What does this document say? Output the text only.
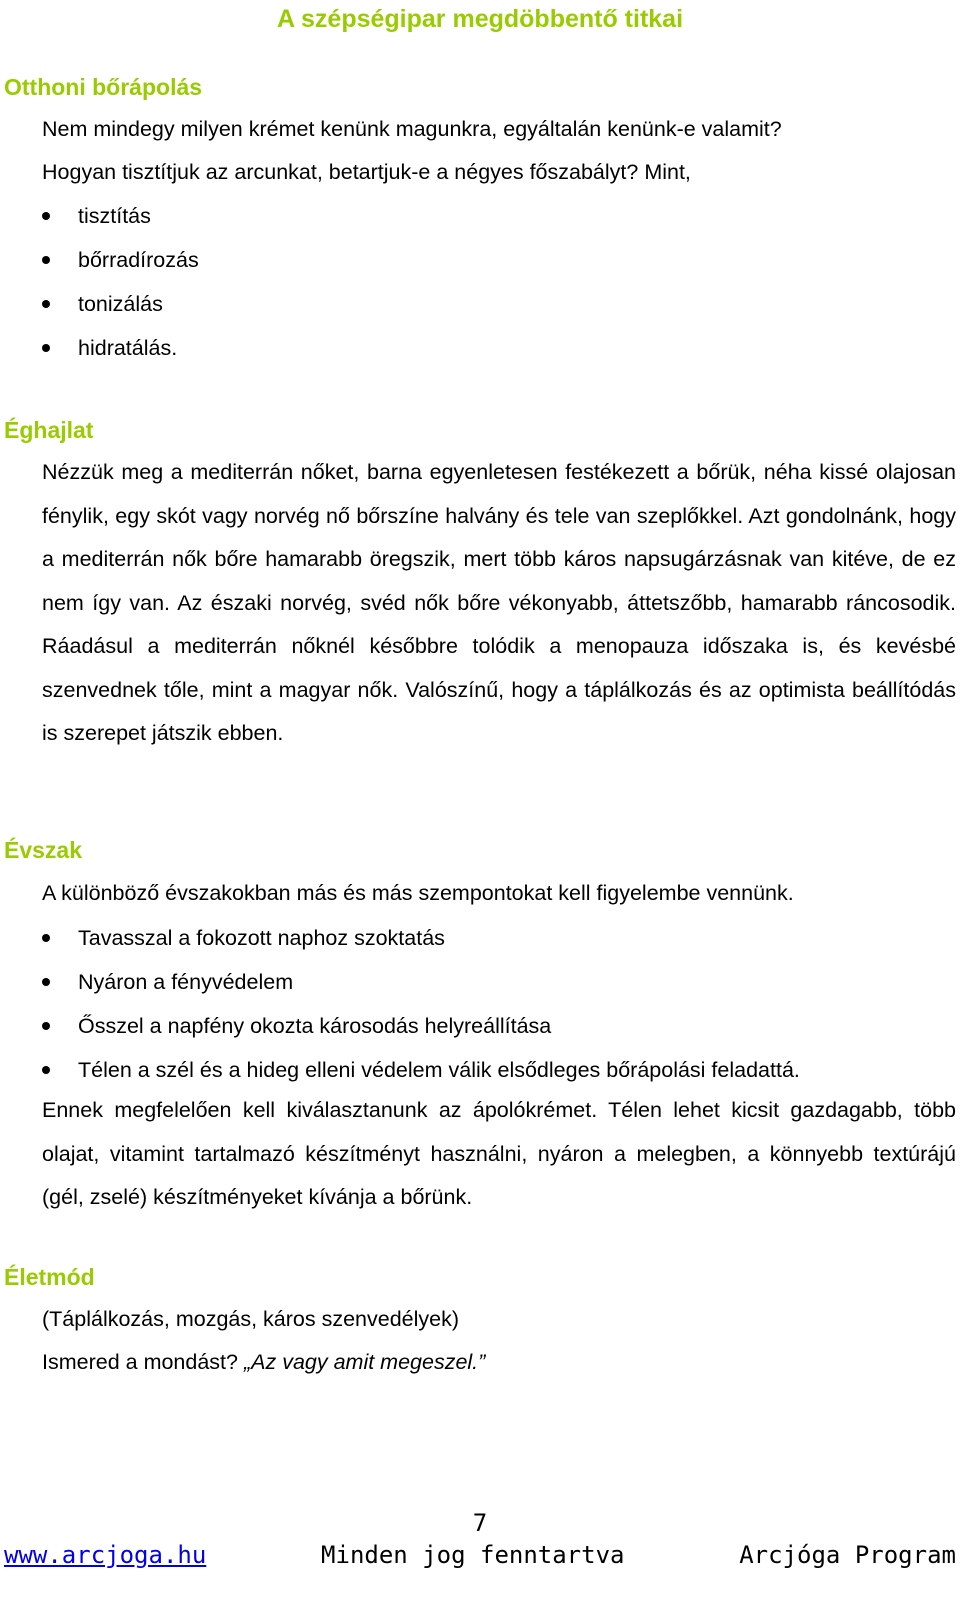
A szépségipar megdöbbentő titkai
Otthoni bőrápolás

Nem mindegy milyen krémet kenünk magunkra, egyáltalán kenünk-e valamit?

Hogyan tisztítjuk az arcunkat, betartjuk-e a négyes főszabályt? Mint,

tisztítás
bőrradírozás
tonizálás
hidratálás.
Éghajlat

Nézzük meg a mediterrán nőket, barna egyenletesen festékezett a bőrük, néha kissé olajosan fénylik, egy skót vagy norvég nő bőrszíne halvány és tele van szeplőkkel. Azt gondolnánk, hogy a mediterrán nők bőre hamarabb öregszik, mert több káros napsugárzásnak van kitéve, de ez nem így van. Az északi norvég, svéd nők bőre vékonyabb, áttetszőbb, hamarabb ráncosodik. Ráadásul a mediterrán nőknél későbbre tolódik a menopauza időszaka is, és kevésbé szenvednek tőle, mint a magyar nők. Valószínű, hogy a táplálkozás és az optimista beállítódás is szerepet játszik ebben.

Évszak

A különböző évszakokban más és más szempontokat kell figyelembe vennünk.

Tavasszal a fokozott naphoz szoktatás
Nyáron a fényvédelem
Ősszel a napfény okozta károsodás helyreállítása
Télen a szél és a hideg elleni védelem válik elsődleges bőrápolási feladattá.

Ennek megfelelően kell kiválasztanunk az ápolókrémet. Télen lehet kicsit gazdagabb, több olajat, vitamint tartalmazó készítményt használni, nyáron a melegben, a könnyebb textúrájú (gél, zselé) készítményeket kívánja a bőrünk.

Életmód

(Táplálkozás, mozgás, káros szenvedélyek)

Ismered a mondást? „Az vagy amit megeszel.”

7
www.arcjoga.hu	Minden jog fenntartva	Arcjóga Program
